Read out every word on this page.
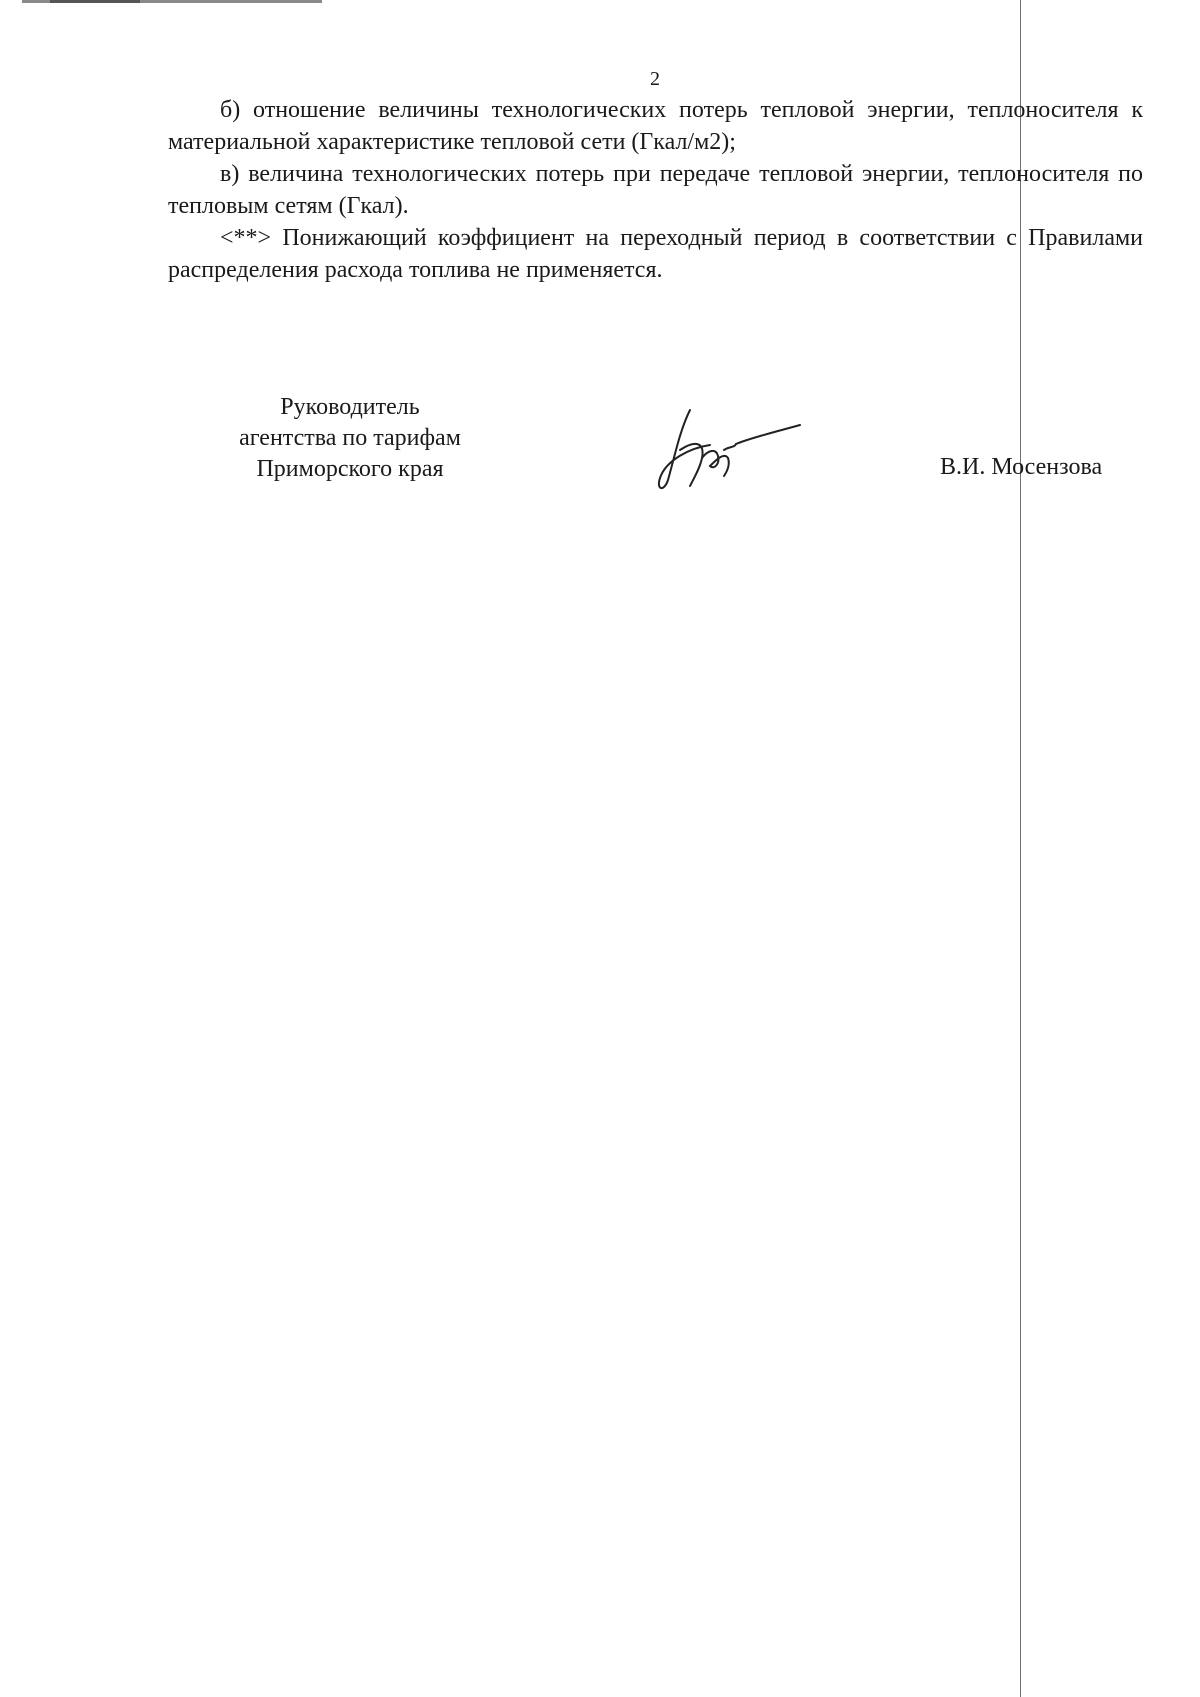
2

б) отношение величины технологических потерь тепловой энергии, теплоносителя к материальной характеристике тепловой сети (Гкал/м2);

в) величина технологических потерь при передаче тепловой энергии, теплоносителя по тепловым сетям (Гкал).

<**> Понижающий коэффициент на переходный период в соответствии с Правилами распределения расхода топлива не применяется.

Руководитель
агентства по тарифам
Приморского края	В.И. Мосензова
